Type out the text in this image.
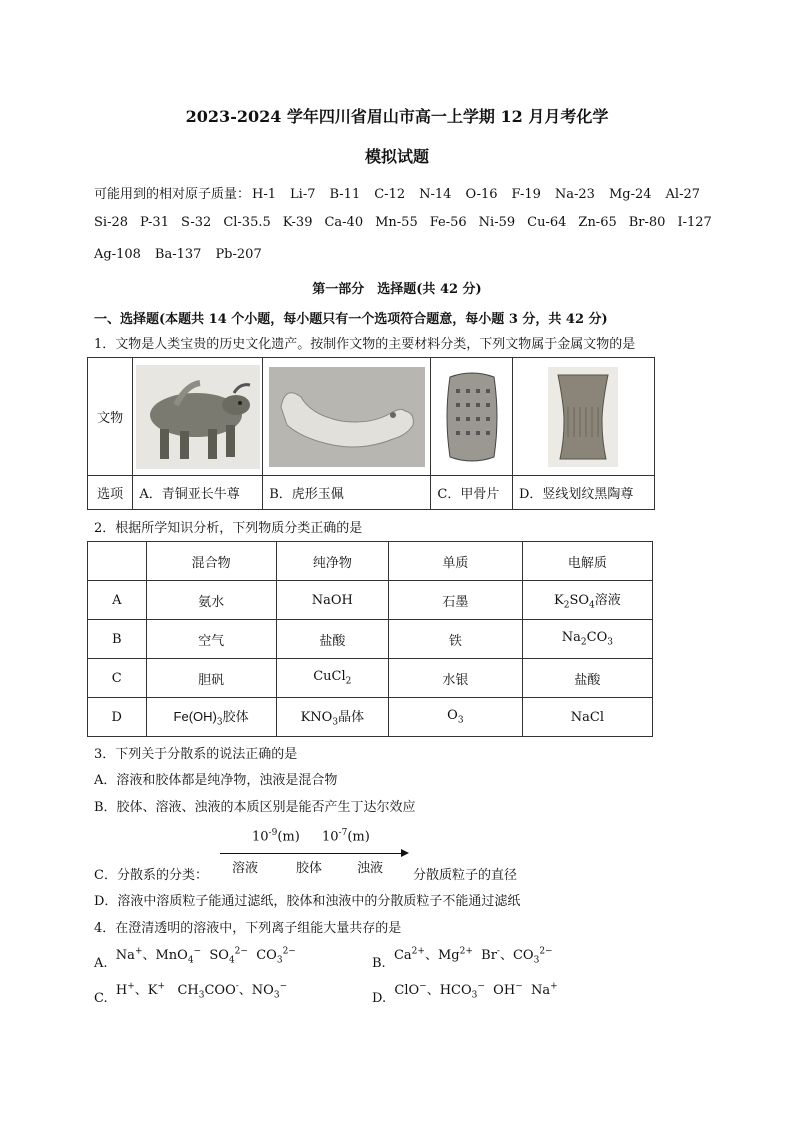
2023-2024 学年四川省眉山市高一上学期 12 月月考化学
模拟试题
可能用到的相对原子质量： H-1 Li-7 B-11 C-12 N-14 O-16 F-19 Na-23 Mg-24 Al-27
Si-28 P-31 S-32 Cl-35.5 K-39 Ca-40 Mn-55 Fe-56 Ni-59 Cu-64 Zn-65 Br-80 I-127
Ag-108 Ba-137 Pb-207
第一部分　选择题(共 42 分)
一、选择题(本题共 14 个小题，每小题只有一个选项符合题意，每小题 3 分，共 42 分)
1．文物是人类宝贵的历史文化遗产。按制作文物的主要材料分类，下列文物属于金属文物的是
文物	

选项	A．青铜亚长牛尊	B．虎形玉佩	C．甲骨片	D．竖线划纹黑陶尊
2．根据所学知识分析，下列物质分类正确的是
	混合物	纯净物	单质	电解质
A	氨水	NaOH	石墨	$K_2SO_4$溶液
B	空气	盐酸	铁	$Na_2CO_3$
C	胆矾	CuCl$_2$	水银	盐酸
D	$Fe(OH)_3$胶体	$KNO_3$晶体	$O_3$	NaCl
3．下列关于分散系的说法正确的是
A．溶液和胶体都是纯净物，浊液是混合物
B．胶体、溶液、浊液的本质区别是能否产生丁达尔效应
$10^{-9}(m)$ $10^{-7}(m)$
C．分散系的分类： 溶液	胶体	浊液 分散质粒子的直径
D．溶液中溶质粒子能通过滤纸，胶体和浊液中的分散质粒子不能通过滤纸
4．在澄清透明的溶液中，下列离子组能大量共存的是
A.  Na+、MnO$_4$−  $SO_4^{2-}$  $CO_3^{2-}$
B.  $Ca^{2+}$、$Mg^{2+}$  Br-、$CO_3^{2-}$
C.  H+、K+   $CH_3COO^-$、$NO_3^-$
D.  ClO−、$HCO_3^-$  OH−  Na+
